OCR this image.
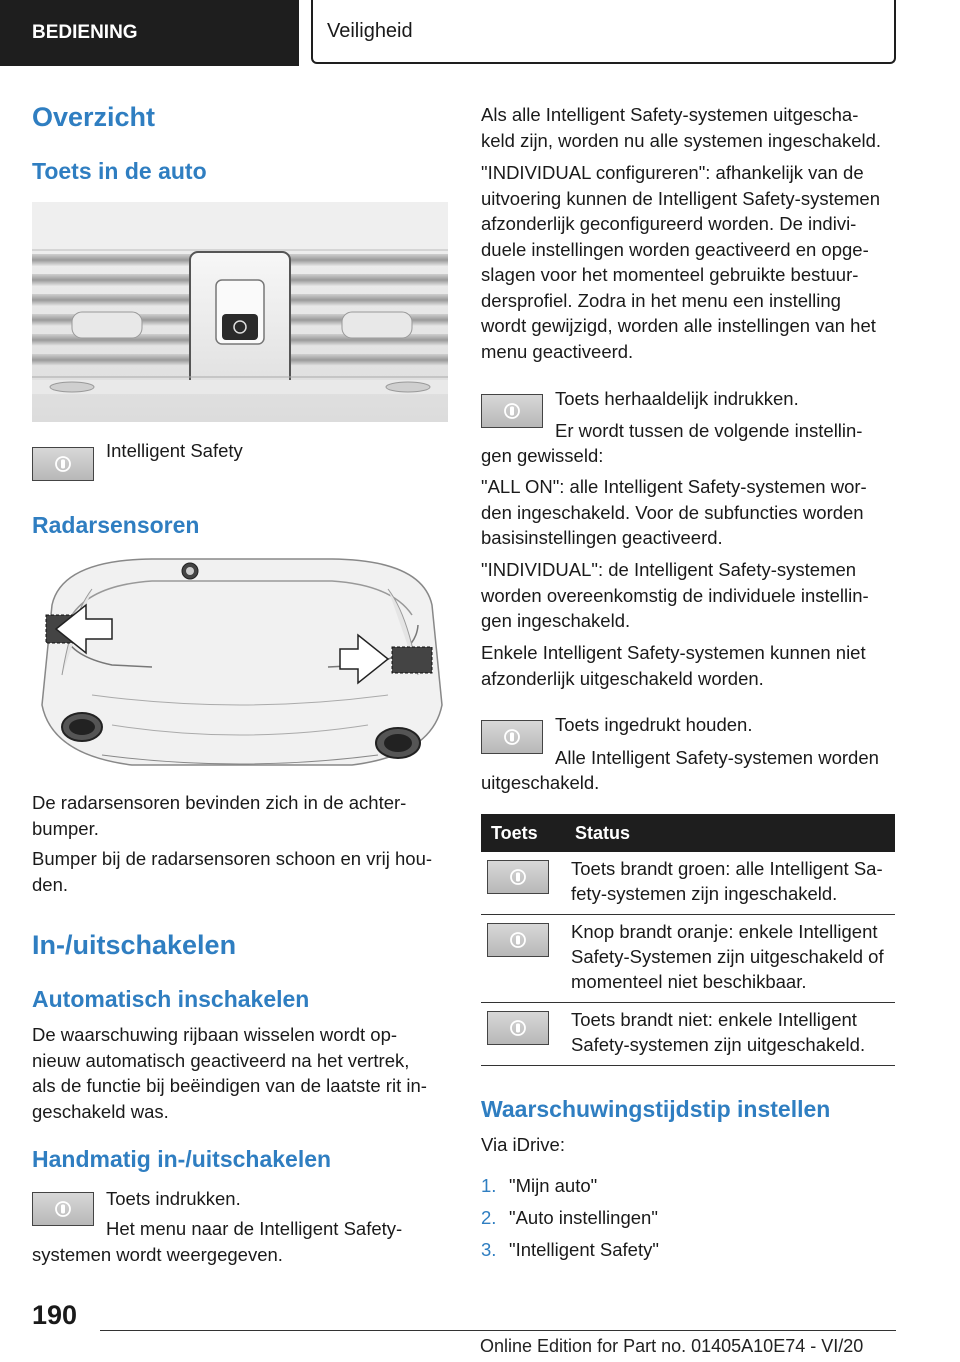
BEDIENING	Veiligheid
Overzicht
Toets in de auto
Intelligent Safety
Radarsensoren
De radarsensoren bevinden zich in de achter-
bumper.
Bumper bij de radarsensoren schoon en vrij hou-
den.
In-/uitschakelen
Automatisch inschakelen
De waarschuwing rijbaan wisselen wordt op-
nieuw automatisch geactiveerd na het vertrek,
als de functie bij beëindigen van de laatste rit in-
geschakeld was.
Handmatig in-/uitschakelen
Toets indrukken.
Het menu naar de Intelligent Safety-
systemen wordt weergegeven.
Als alle Intelligent Safety-systemen uitgescha-
keld zijn, worden nu alle systemen ingeschakeld.
"INDIVIDUAL configureren": afhankelijk van de
uitvoering kunnen de Intelligent Safety-systemen
afzonderlijk geconfigureerd worden. De indivi-
duele instellingen worden geactiveerd en opge-
slagen voor het momenteel gebruikte bestuur-
dersprofiel. Zodra in het menu een instelling
wordt gewijzigd, worden alle instellingen van het
menu geactiveerd.
Toets herhaaldelijk indrukken.
Er wordt tussen de volgende instellin-
gen gewisseld:
"ALL ON": alle Intelligent Safety-systemen wor-
den ingeschakeld. Voor de subfuncties worden
basisinstellingen geactiveerd.
"INDIVIDUAL": de Intelligent Safety-systemen
worden overeenkomstig de individuele instellin-
gen ingeschakeld.
Enkele Intelligent Safety-systemen kunnen niet
afzonderlijk uitgeschakeld worden.
Toets ingedrukt houden.
Alle Intelligent Safety-systemen worden
uitgeschakeld.
Toets	Status

Toets brandt groen: alle Intelligent Sa-
fety-systemen zijn ingeschakeld.

Knop brandt oranje: enkele Intelligent
Safety-Systemen zijn uitgeschakeld of
momenteel niet beschikbaar.

Toets brandt niet: enkele Intelligent
Safety-systemen zijn uitgeschakeld.
Waarschuwingstijdstip instellen
Via iDrive:
1. "Mijn auto"
2. "Auto instellingen"
3. "Intelligent Safety"
190
Online Edition for Part no. 01405A10E74 - VI/20
